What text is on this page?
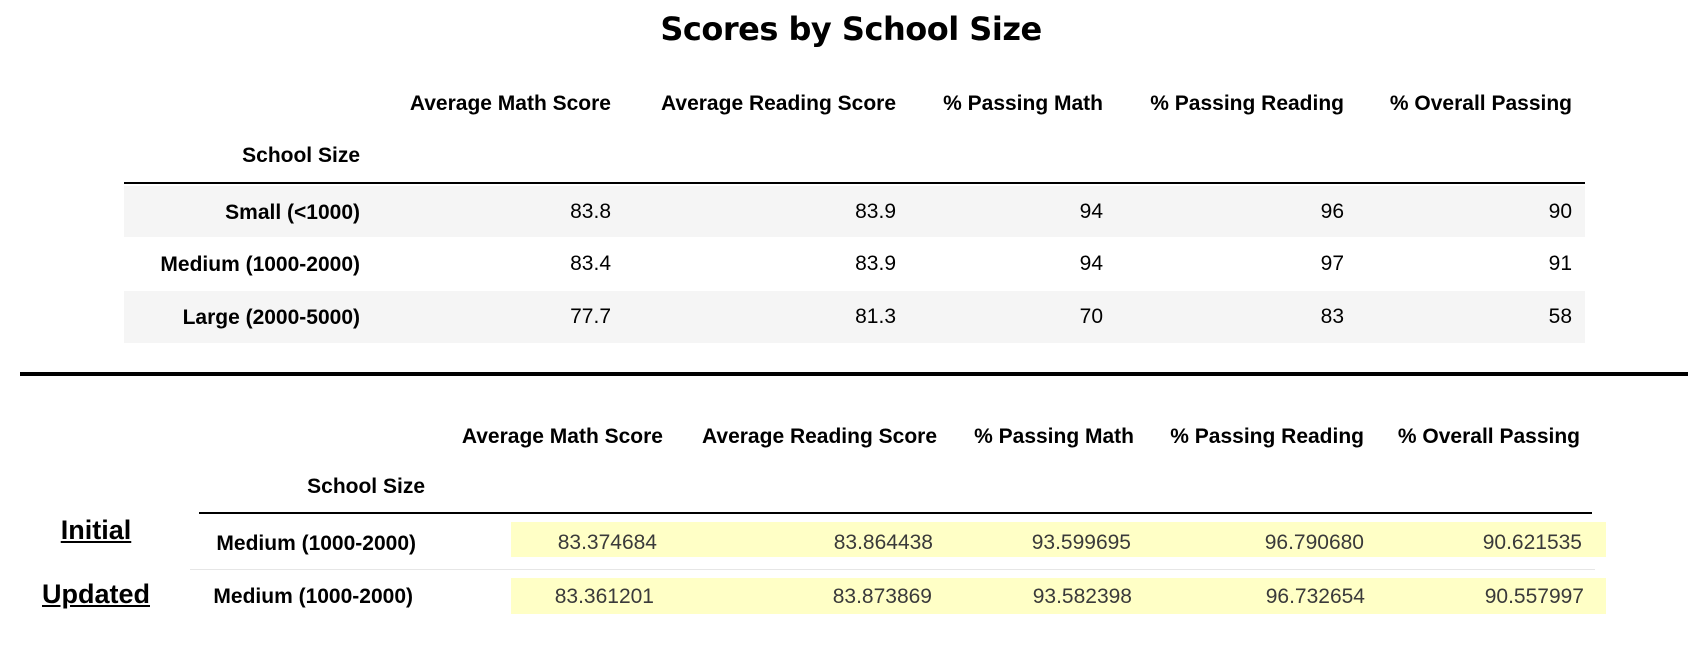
Scores by School Size
Average Math Score	Average Reading Score	% Passing Math	% Passing Reading	% Overall Passing
School Size
Small (<1000)	83.8	83.9	94	96	90
Medium (1000-2000)	83.4	83.9	94	97	91
Large (2000-5000)	77.7	81.3	70	83	58
Average Math Score	Average Reading Score	% Passing Math	% Passing Reading	% Overall Passing
School Size
Initial	Medium (1000-2000)	83.374684	83.864438	93.599695	96.790680	90.621535
Updated	Medium (1000-2000)	83.361201	83.873869	93.582398	96.732654	90.557997
